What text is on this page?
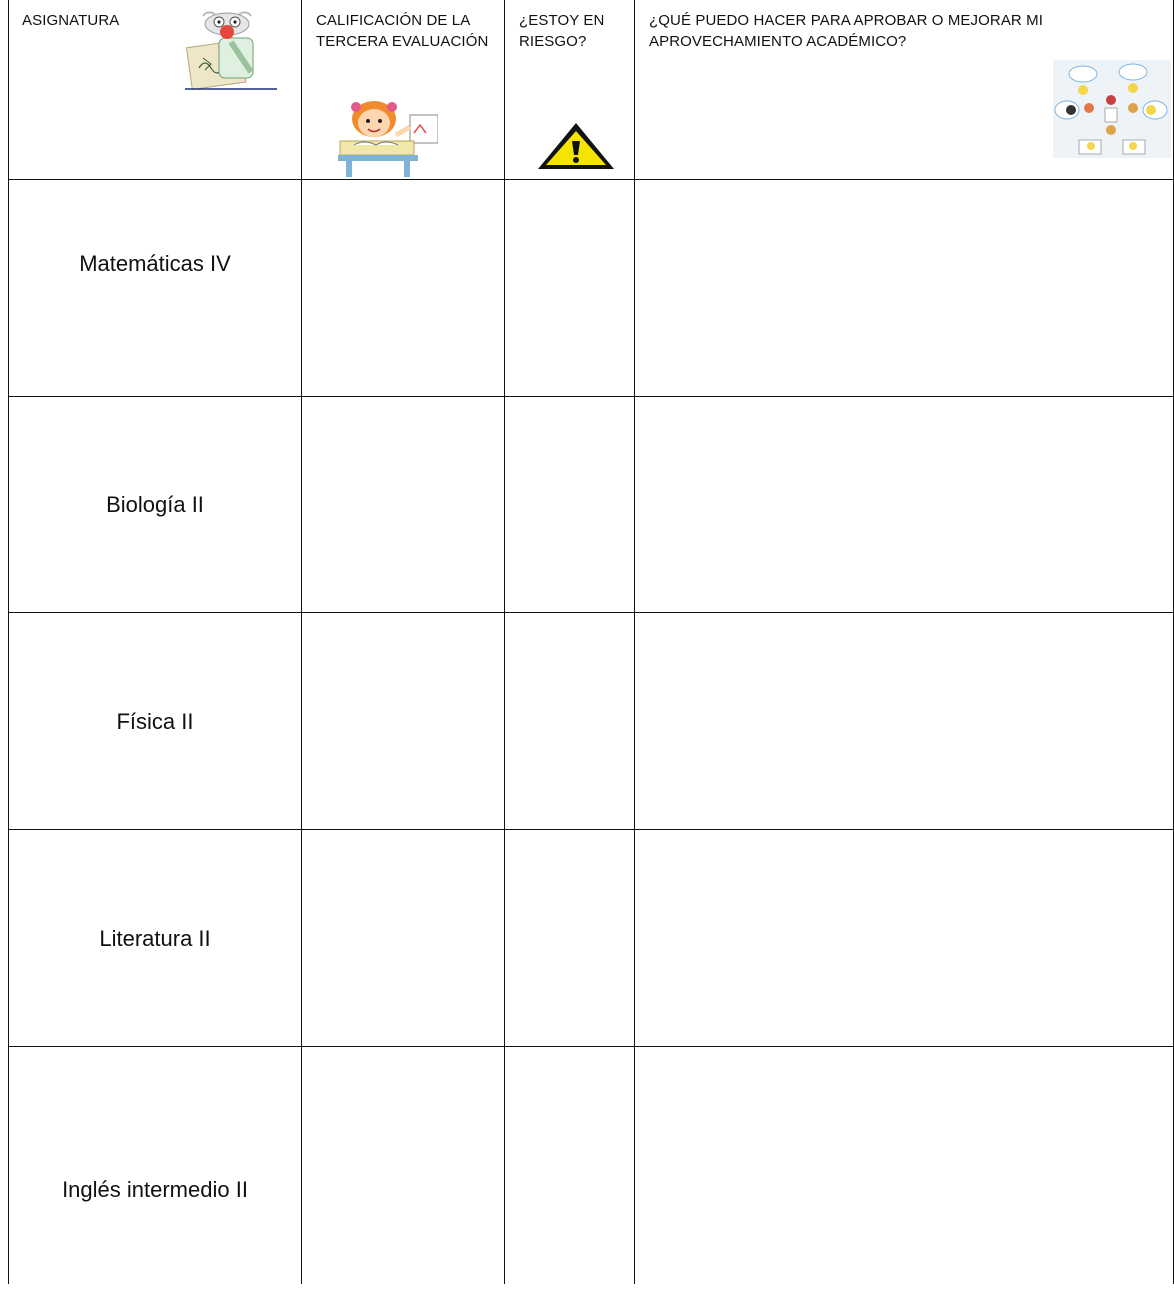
ASIGNATURA	CALIFICACIÓN DE LA TERCERA EVALUACIÓN
¿ESTOY EN RIESGO?
¿QUÉ PUEDO HACER PARA APROBAR O MEJORAR MI APROVECHAMIENTO ACADÉMICO?
Matemáticas IV
Biología II
Física II
Literatura II
Inglés intermedio II
